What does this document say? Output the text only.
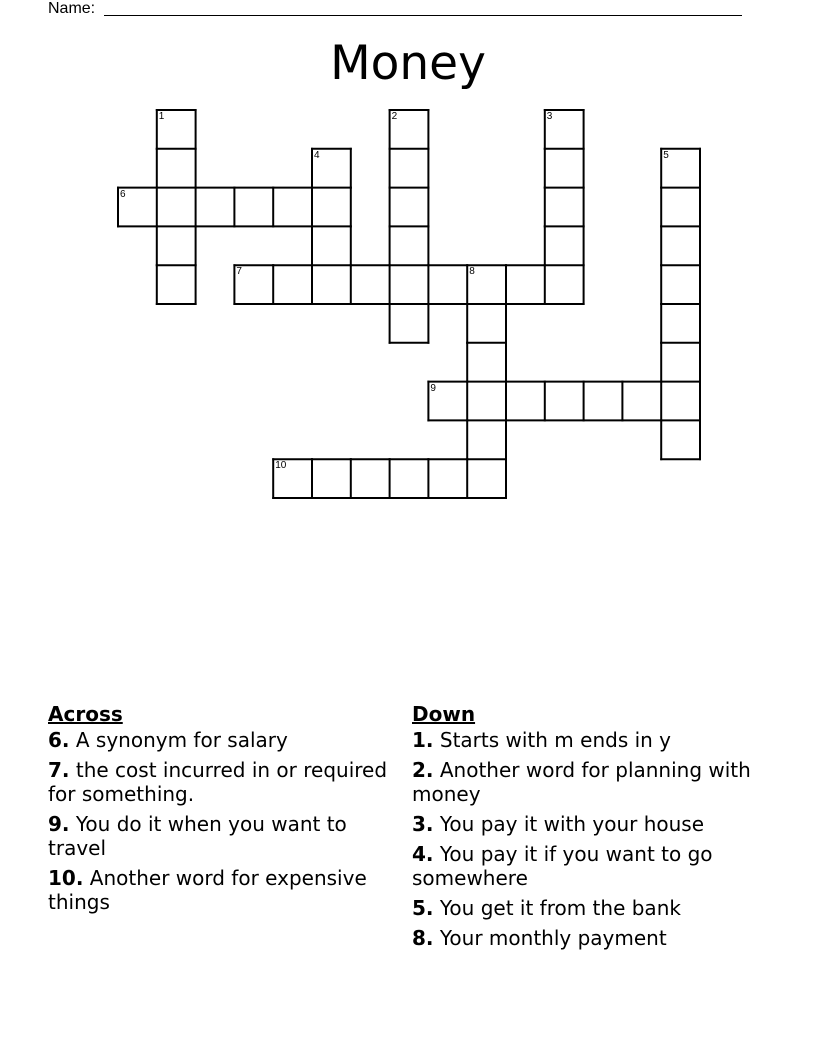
Name:
Money
1	2	3
4	5
6
7	8
9
10
Across
6. A synonym for salary
7. the cost incurred in or required for something.
9. You do it when you want to travel
10. Another word for expensive things
Down
1. Starts with m ends in y
2. Another word for planning with money
3. You pay it with your house
4. You pay it if you want to go somewhere
5. You get it from the bank
8. Your monthly payment
